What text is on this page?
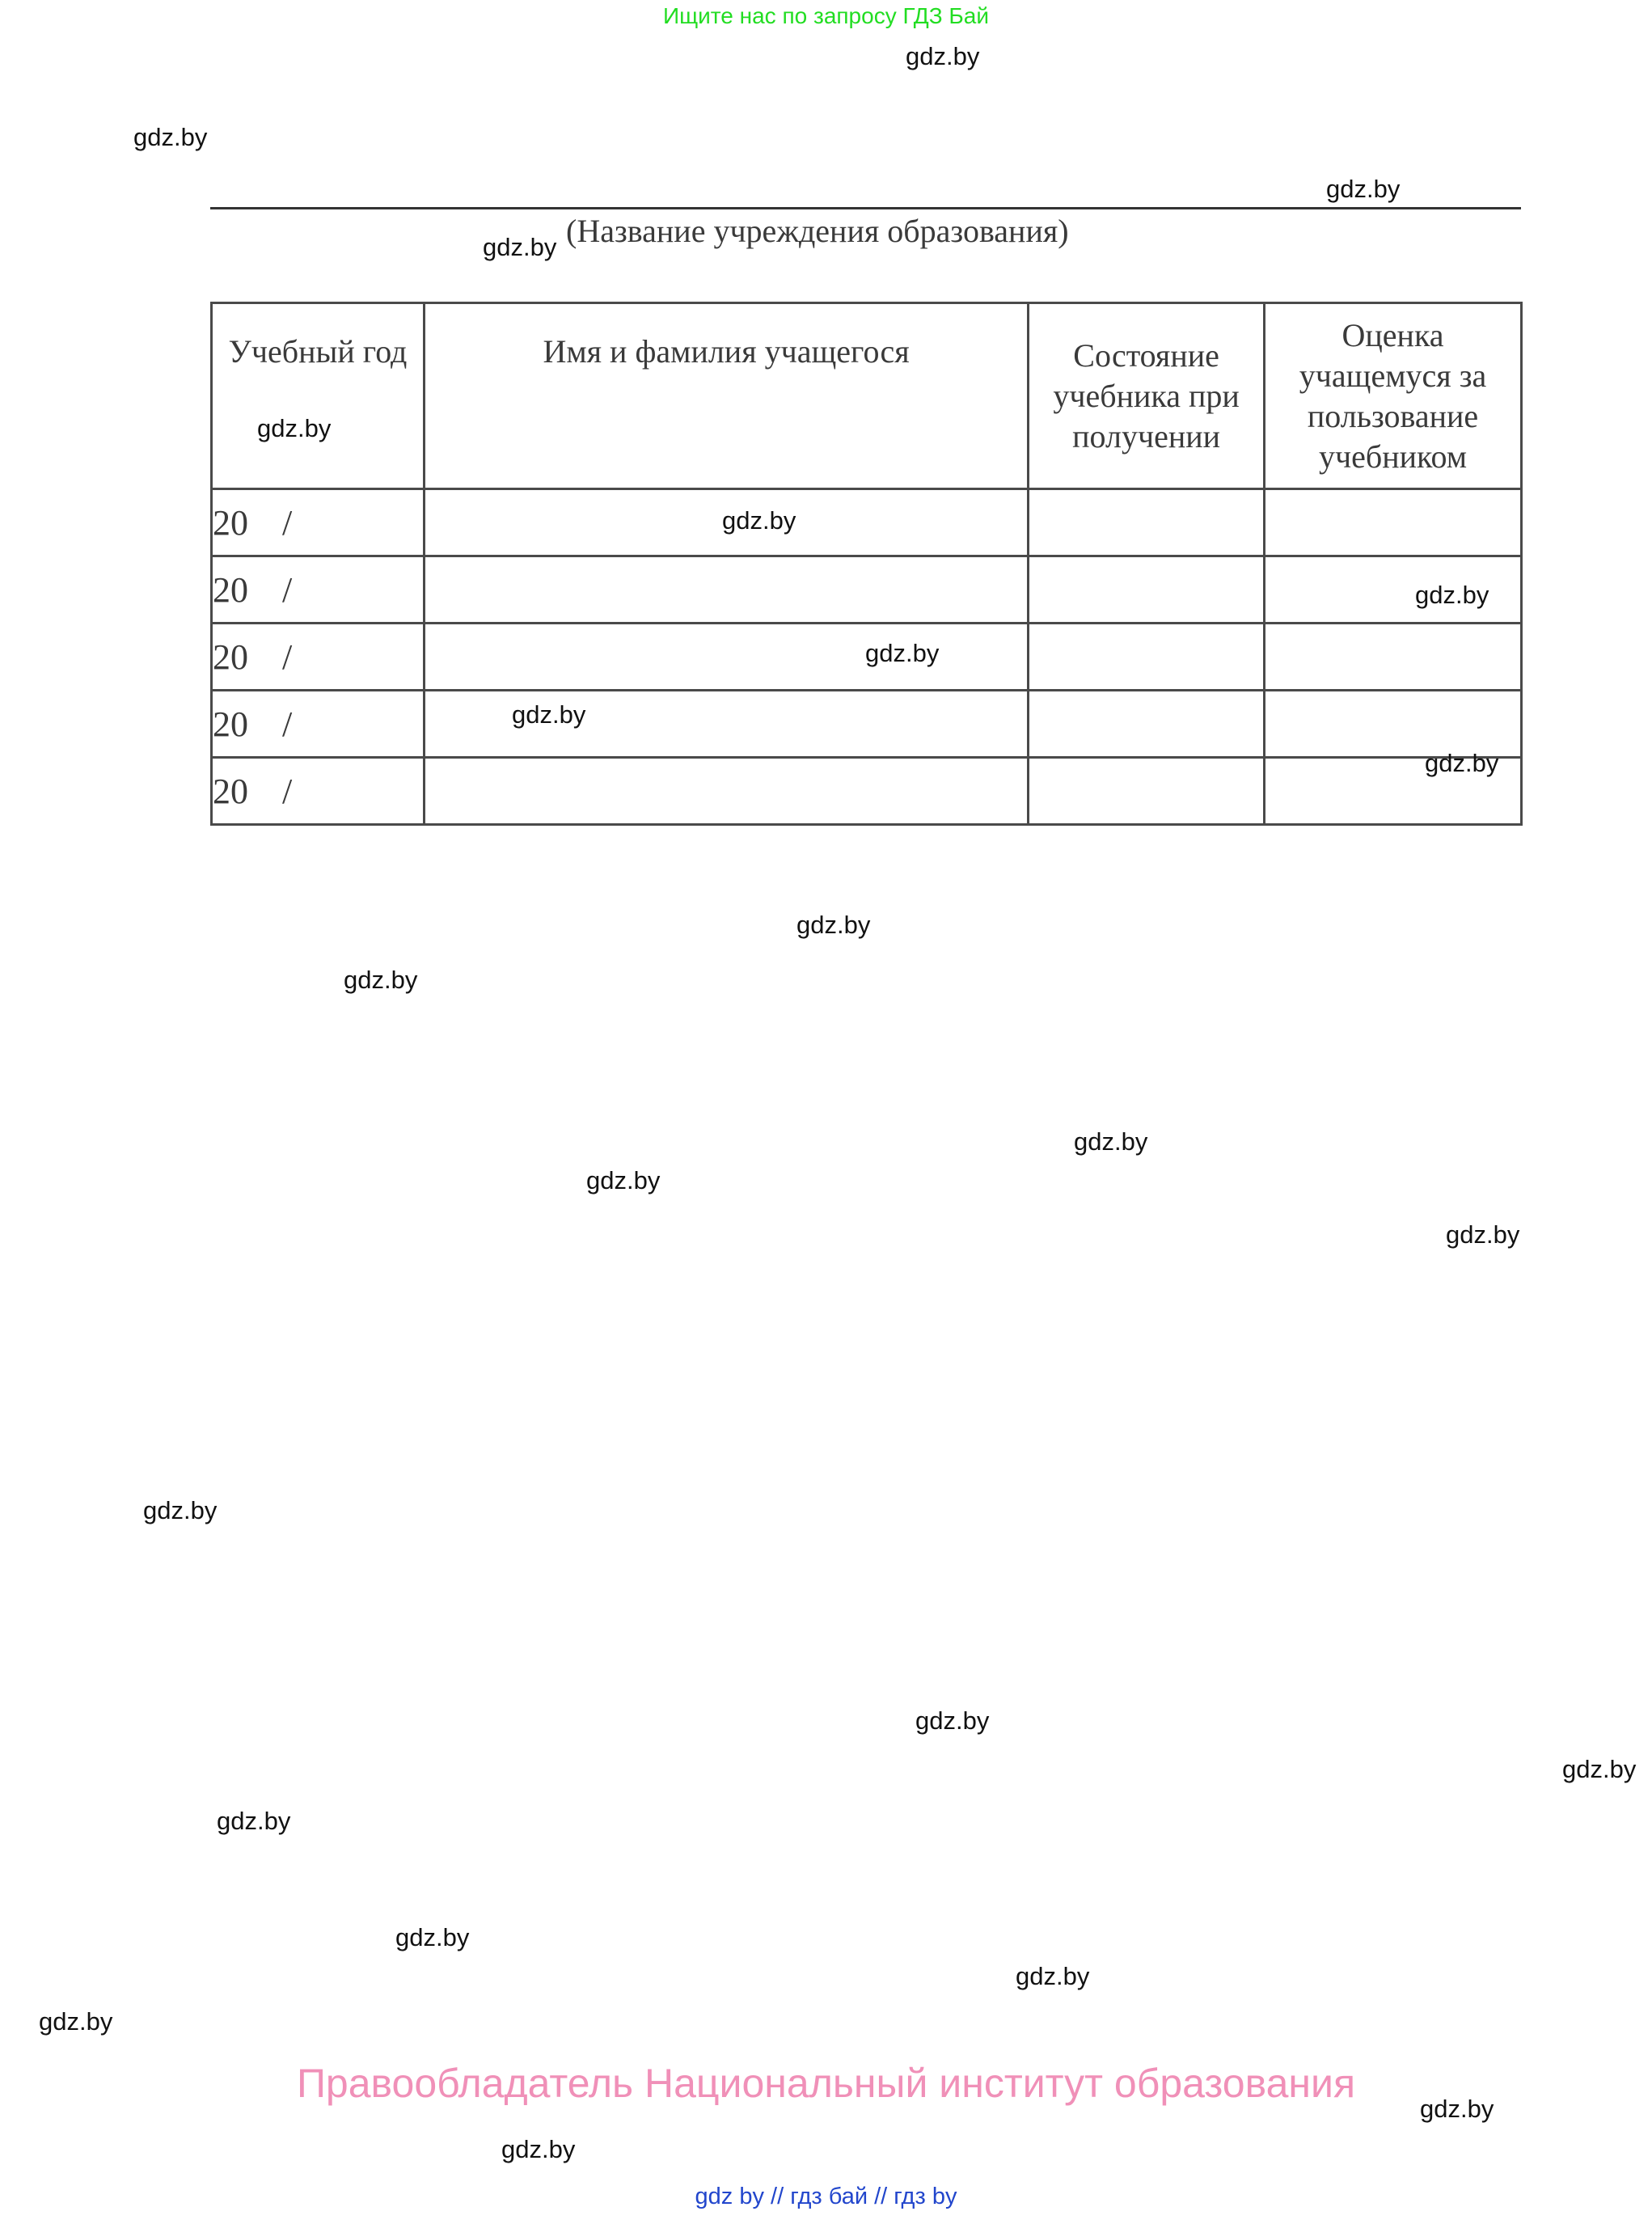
Ищите нас по запросу ГДЗ Бай
gdz.by
gdz.by
gdz.by
gdz.by (Название учреждения образования)
Учебный год	Имя и фамилия учащегося	Состояние учебника при получении	Оценка учащемуся за пользование учебником
20 /			
20 /			
20 /			
20 /			
20 /			
gdz.by
gdz.by
gdz.by
gdz.by
gdz.by
gdz.by
gdz.by
gdz.by
gdz.by
gdz.by
gdz.by
gdz.by
gdz.by
gdz.by
gdz.by
gdz.by
gdz.by
gdz.by
Правообладатель Национальный институт образования
gdz.by
gdz.by
gdz by // гдз бай // гдз by
